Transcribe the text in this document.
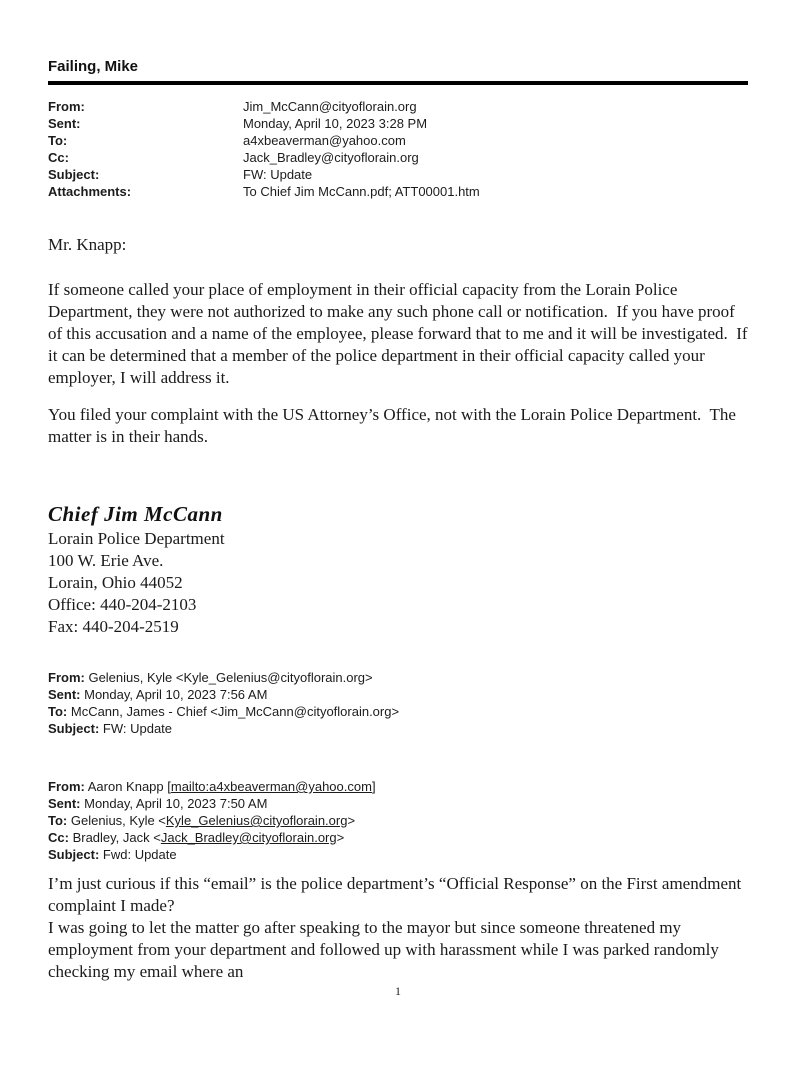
Failing, Mike
From:	Jim_McCann@cityoflorain.org
Sent:	Monday, April 10, 2023 3:28 PM
To:	a4xbeaverman@yahoo.com
Cc:	Jack_Bradley@cityoflorain.org
Subject:	FW: Update
Attachments:	To Chief Jim McCann.pdf; ATT00001.htm
Mr. Knapp:
If someone called your place of employment in their official capacity from the Lorain Police Department, they were not authorized to make any such phone call or notification.  If you have proof of this accusation and a name of the employee, please forward that to me and it will be investigated.  If it can be determined that a member of the police department in their official capacity called your employer, I will address it.
You filed your complaint with the US Attorney’s Office, not with the Lorain Police Department.  The matter is in their hands.
Chief Jim McCann
Lorain Police Department
100 W. Erie Ave.
Lorain, Ohio 44052
Office: 440-204-2103
Fax: 440-204-2519
From: Gelenius, Kyle <Kyle_Gelenius@cityoflorain.org>
Sent: Monday, April 10, 2023 7:56 AM
To: McCann, James - Chief <Jim_McCann@cityoflorain.org>
Subject: FW: Update
From: Aaron Knapp [mailto:a4xbeaverman@yahoo.com]
Sent: Monday, April 10, 2023 7:50 AM
To: Gelenius, Kyle <Kyle_Gelenius@cityoflorain.org>
Cc: Bradley, Jack <Jack_Bradley@cityoflorain.org>
Subject: Fwd: Update
I’m just curious if this “email” is the police department’s “Official Response” on the First amendment complaint I made?
I was going to let the matter go after speaking to the mayor but since someone threatened my employment from your department and followed up with harassment while I was parked randomly checking my email where an
1
